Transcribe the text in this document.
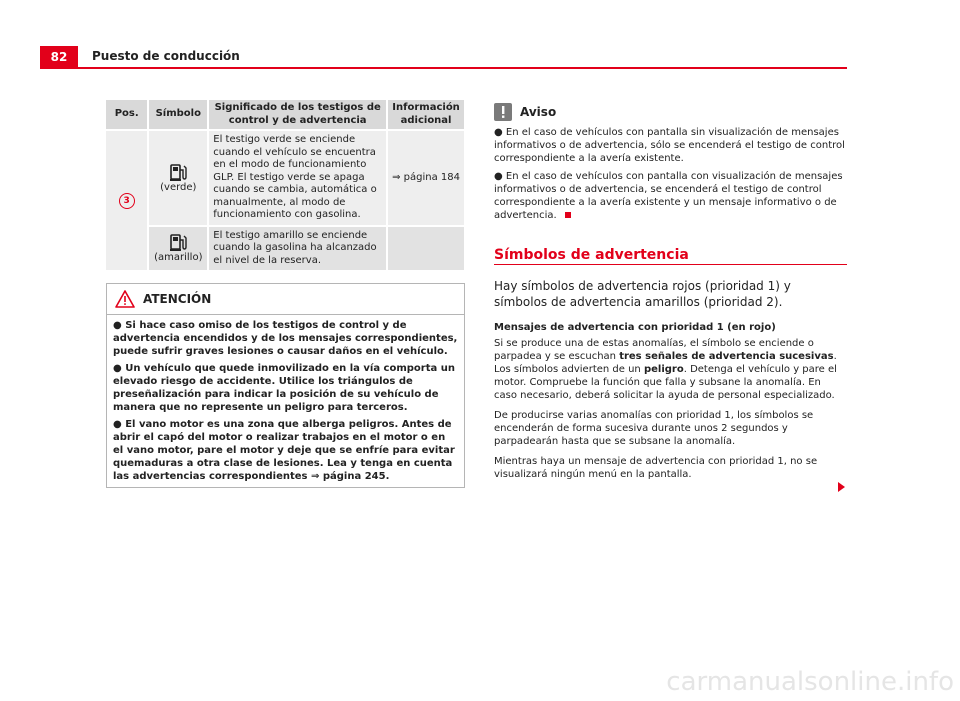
82	Puesto de conducción
Pos.	Símbolo	Significado de los testigos de control y de advertencia	Información adicional
3	(verde)	El testigo verde se enciende cuando el vehículo se encuentra en el modo de funcionamiento GLP. El testigo verde se apaga cuando se cambia, automática o manualmente, al modo de funcionamiento con gasolina.	⇒ página 184

	(amarillo)	El testigo amarillo se enciende cuando la gasolina ha alcanzado el nivel de la reserva.	
ATENCIÓN

● Si hace caso omiso de los testigos de control y de advertencia encendidos y de los mensajes correspondientes, puede sufrir graves lesiones o causar daños en el vehículo.

● Un vehículo que quede inmovilizado en la vía comporta un elevado riesgo de accidente. Utilice los triángulos de preseñalización para indicar la posición de su vehículo de manera que no represente un peligro para terceros.

● El vano motor es una zona que alberga peligros. Antes de abrir el capó del motor o realizar trabajos en el motor o en el vano motor, pare el motor y deje que se enfríe para evitar quemaduras a otra clase de lesiones. Lea y tenga en cuenta las advertencias correspondientes ⇒ página 245.

Aviso

● En el caso de vehículos con pantalla sin visualización de mensajes informativos o de advertencia, sólo se encenderá el testigo de control correspondiente a la avería existente.

● En el caso de vehículos con pantalla con visualización de mensajes informativos o de advertencia, se encenderá el testigo de control correspondiente a la avería existente y un mensaje informativo o de advertencia.

Símbolos de advertencia
Hay símbolos de advertencia rojos (prioridad 1) y símbolos de advertencia amarillos (prioridad 2).

Mensajes de advertencia con prioridad 1 (en rojo)

Si se produce una de estas anomalías, el símbolo se enciende o parpadea y se escuchan tres señales de advertencia sucesivas. Los símbolos advierten de un peligro. Detenga el vehículo y pare el motor. Compruebe la función que falla y subsane la anomalía. En caso necesario, deberá solicitar la ayuda de personal especializado.

De producirse varias anomalías con prioridad 1, los símbolos se encenderán de forma sucesiva durante unos 2 segundos y parpadearán hasta que se subsane la anomalía.

Mientras haya un mensaje de advertencia con prioridad 1, no se visualizará ningún menú en la pantalla.

carmanualsonline.info
